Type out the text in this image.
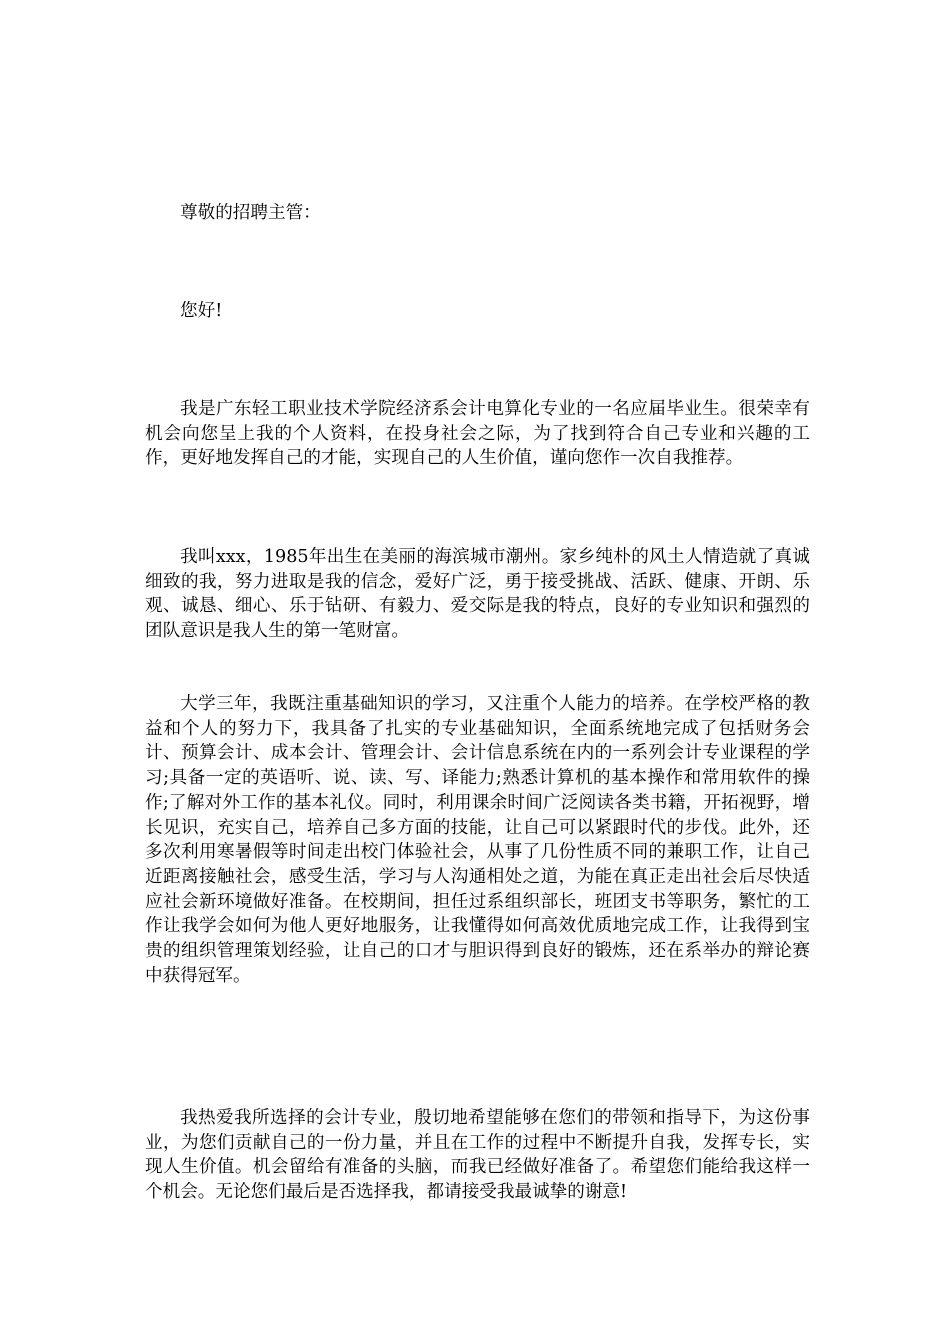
尊敬的招聘主管：

您好!

我是广东轻工职业技术学院经济系会计电算化专业的一名应届毕业生。很荣幸有机会向您呈上我的个人资料，在投身社会之际，为了找到符合自己专业和兴趣的工作，更好地发挥自己的才能，实现自己的人生价值，谨向您作一次自我推荐。

我叫xxx，1985年出生在美丽的海滨城市潮州。家乡纯朴的风土人情造就了真诚细致的我，努力进取是我的信念，爱好广泛，勇于接受挑战、活跃、健康、开朗、乐观、诚恳、细心、乐于钻研、有毅力、爱交际是我的特点，良好的专业知识和强烈的团队意识是我人生的第一笔财富。

大学三年，我既注重基础知识的学习，又注重个人能力的培养。在学校严格的教益和个人的努力下，我具备了扎实的专业基础知识，全面系统地完成了包括财务会计、预算会计、成本会计、管理会计、会计信息系统在内的一系列会计专业课程的学习;具备一定的英语听、说、读、写、译能力;熟悉计算机的基本操作和常用软件的操作;了解对外工作的基本礼仪。同时，利用课余时间广泛阅读各类书籍，开拓视野，增长见识，充实自己，培养自己多方面的技能，让自己可以紧跟时代的步伐。此外，还多次利用寒暑假等时间走出校门体验社会，从事了几份性质不同的兼职工作，让自己近距离接触社会，感受生活，学习与人沟通相处之道，为能在真正走出社会后尽快适应社会新环境做好准备。在校期间，担任过系组织部长，班团支书等职务，繁忙的工作让我学会如何为他人更好地服务，让我懂得如何高效优质地完成工作，让我得到宝贵的组织管理策划经验，让自己的口才与胆识得到良好的锻炼，还在系举办的辩论赛中获得冠军。

我热爱我所选择的会计专业，殷切地希望能够在您们的带领和指导下，为这份事业，为您们贡献自己的一份力量，并且在工作的过程中不断提升自我，发挥专长，实现人生价值。机会留给有准备的头脑，而我已经做好准备了。希望您们能给我这样一个机会。无论您们最后是否选择我，都请接受我最诚挚的谢意!
